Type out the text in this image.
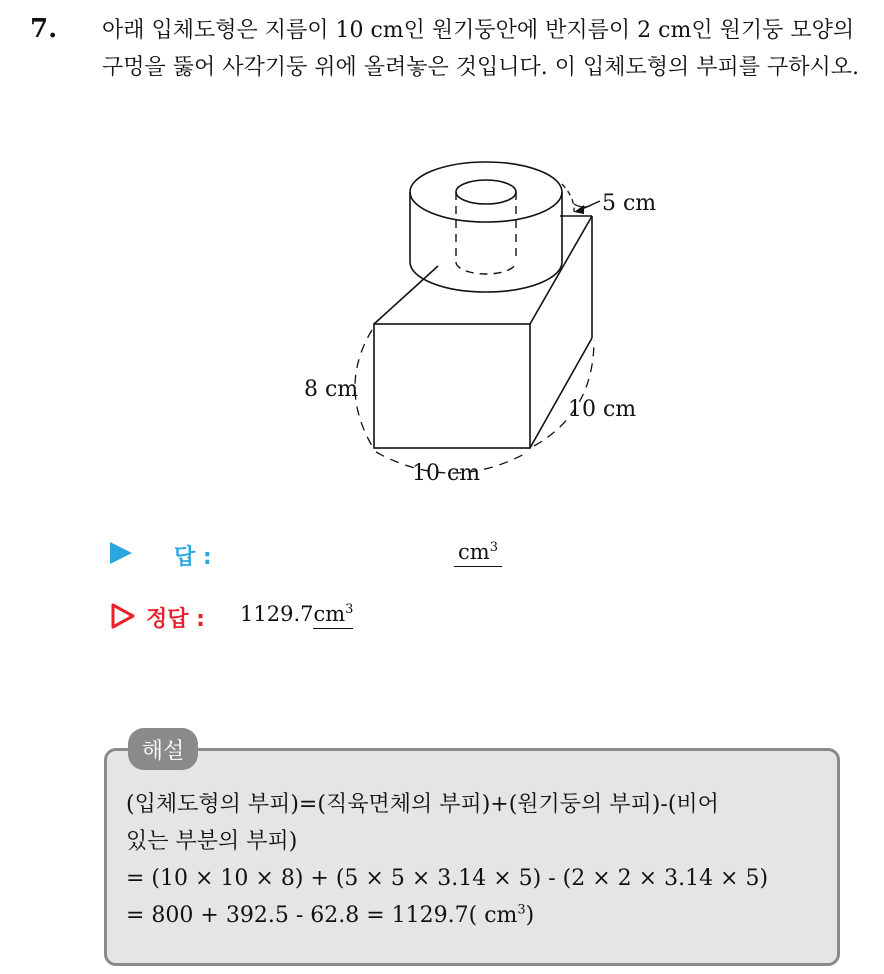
7. 아래 입체도형은 지름이 10 cm인 원기둥안에 반지름이 2 cm인 원기둥 모양의 구멍을 뚫어 사각기둥 위에 올려놓은 것입니다. 이 입체도형의 부피를 구하시오.

5 cm
8 cm
10 cm
10 cm
답 :	$cm^3$
정답 : $1129.7cm^3$
해설
(입체도형의 부피)=(직육면체의 부피)+(원기둥의 부피)-(비어
있는 부분의 부피)
= (10 × 10 × 8) + (5 × 5 × 3.14 × 5) - (2 × 2 × 3.14 × 5)
= 800 + 392.5 - 62.8 = 1129.7( $cm^3$)
